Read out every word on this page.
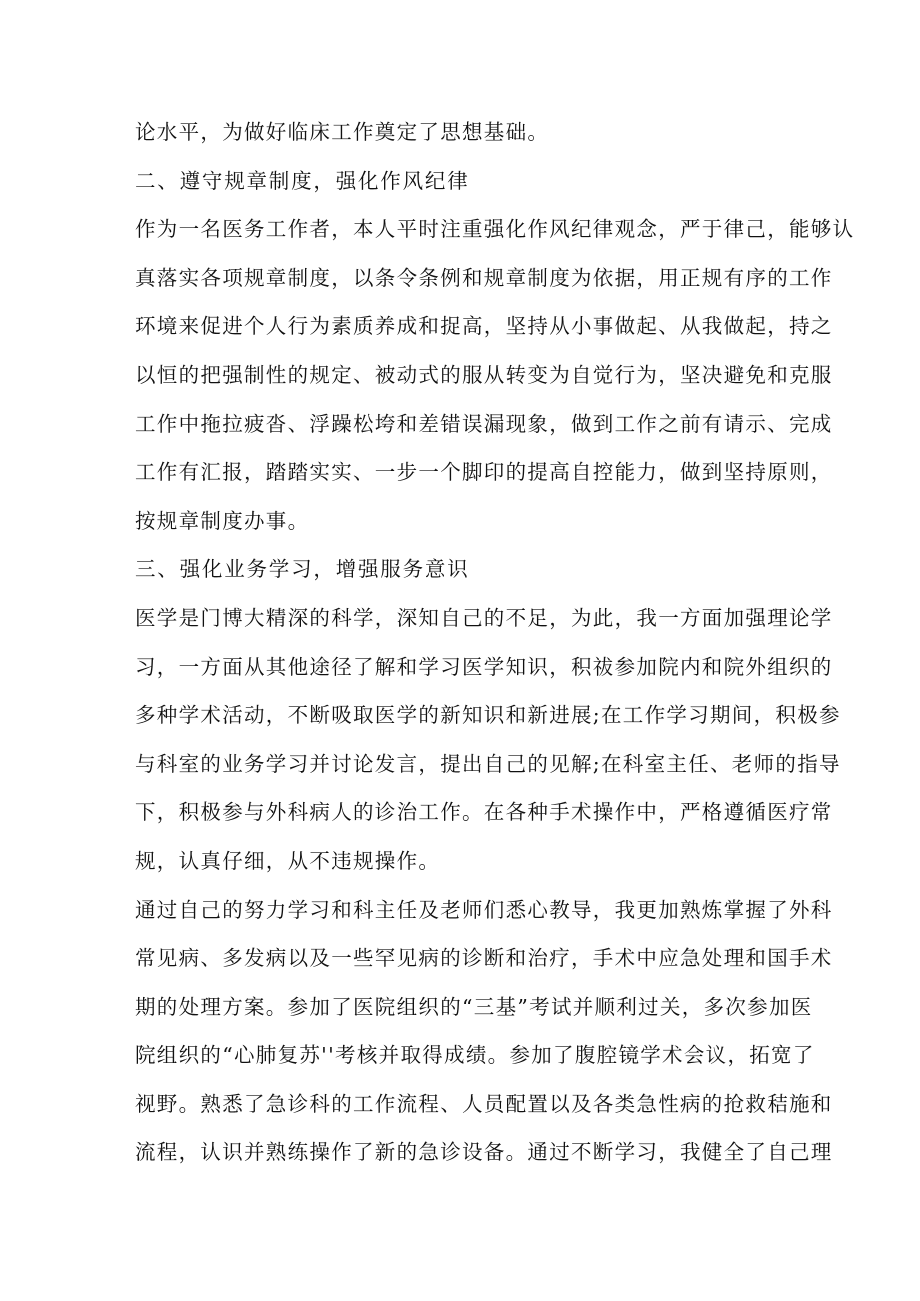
论水平，为做好临床工作奠定了思想基础。
二、遵守规章制度，强化作风纪律
作为一名医务工作者，本人平时注重强化作风纪律观念，严于律己，能够认
真落实各项规章制度，以条令条例和规章制度为依据，用正规有序的工作
环境来促进个人行为素质养成和捉高，坚持从小事做起、从我做起，持之
以恒的把强制性的规定、被动式的服从转变为自觉行为，坚决避免和克服
工作中拖拉疲沓、浮躁松垮和差错误漏现象，做到工作之前有请示、完成
工作有汇报，踏踏实实、一步一个脚印的提高自控能力，做到坚持原则，
按规章制度办事。
三、强化业务学习，增强服务意识
医学是门博大精深的科学，深知自己的不足，为此，我一方面加强理论学
习，一方面从其他途径了解和学习医学知识，积祓参加院内和院外组织的
多种学术活动，不断吸取医学的新知识和新进展;在工作学习期间，积极参
与科室的业务学习并讨论发言，提出自己的见解;在科室主任、老师的指导
下，积极参与外科病人的诊治工作。在各种手术操作中，严格遵循医疗常
规，认真仔细，从不违规操作。
通过自己的努力学习和科主任及老师们悉心教导，我更加熟炼掌握了外科
常见病、多发病以及一些罕见病的诊断和治疗，手术中应急处理和国手术
期的处理方案。参加了医院组织的“三基”考试并顺利过关，多次参加医
院组织的“心肺复苏''考核并取得成绩。参加了腹腔镜学术会议，拓宽了
视野。熟悉了急诊科的工作流程、人员配置以及各类急性病的抢救秸施和
流程，认识并熟练操作了新的急诊设备。通过不断学习，我健全了自己理
